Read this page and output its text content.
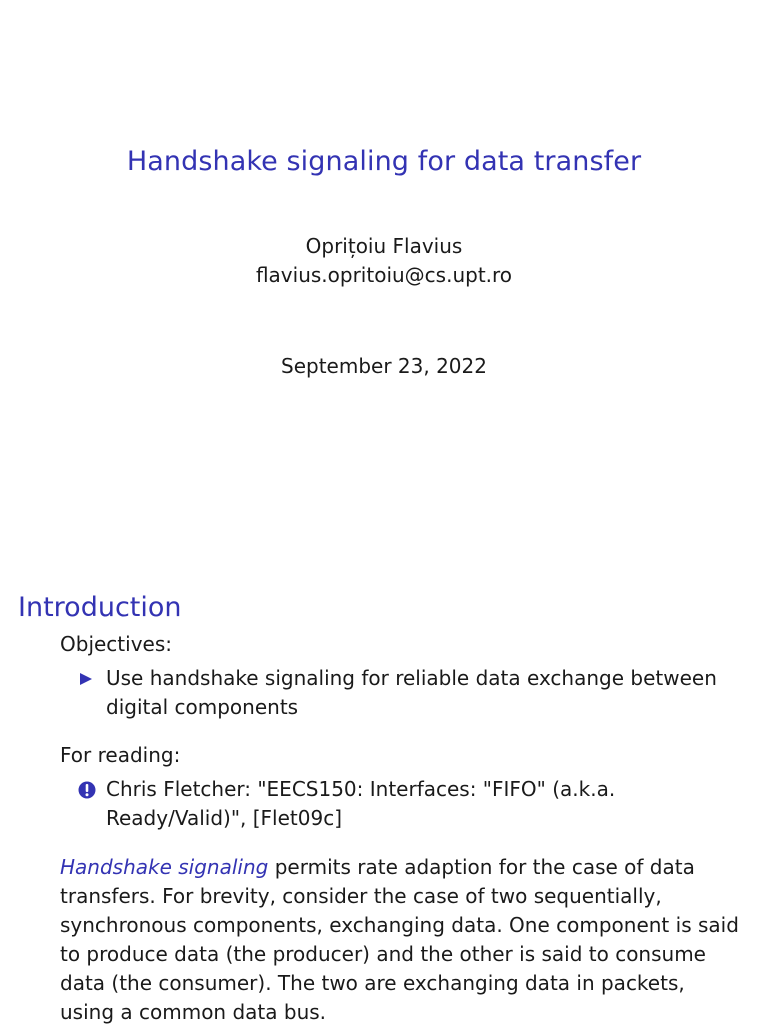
Handshake signaling for data transfer
Oprițoiu Flavius
flavius.opritoiu@cs.upt.ro
September 23, 2022
Introduction
Objectives:
Use handshake signaling for reliable data exchange between
digital components
For reading:
Chris Fletcher: "EECS150: Interfaces: "FIFO" (a.k.a.
Ready/Valid)", [Flet09c]
Handshake signaling permits rate adaption for the case of data
transfers. For brevity, consider the case of two sequentially,
synchronous components, exchanging data. One component is said
to produce data (the producer) and the other is said to consume
data (the consumer). The two are exchanging data in packets,
using a common data bus.
